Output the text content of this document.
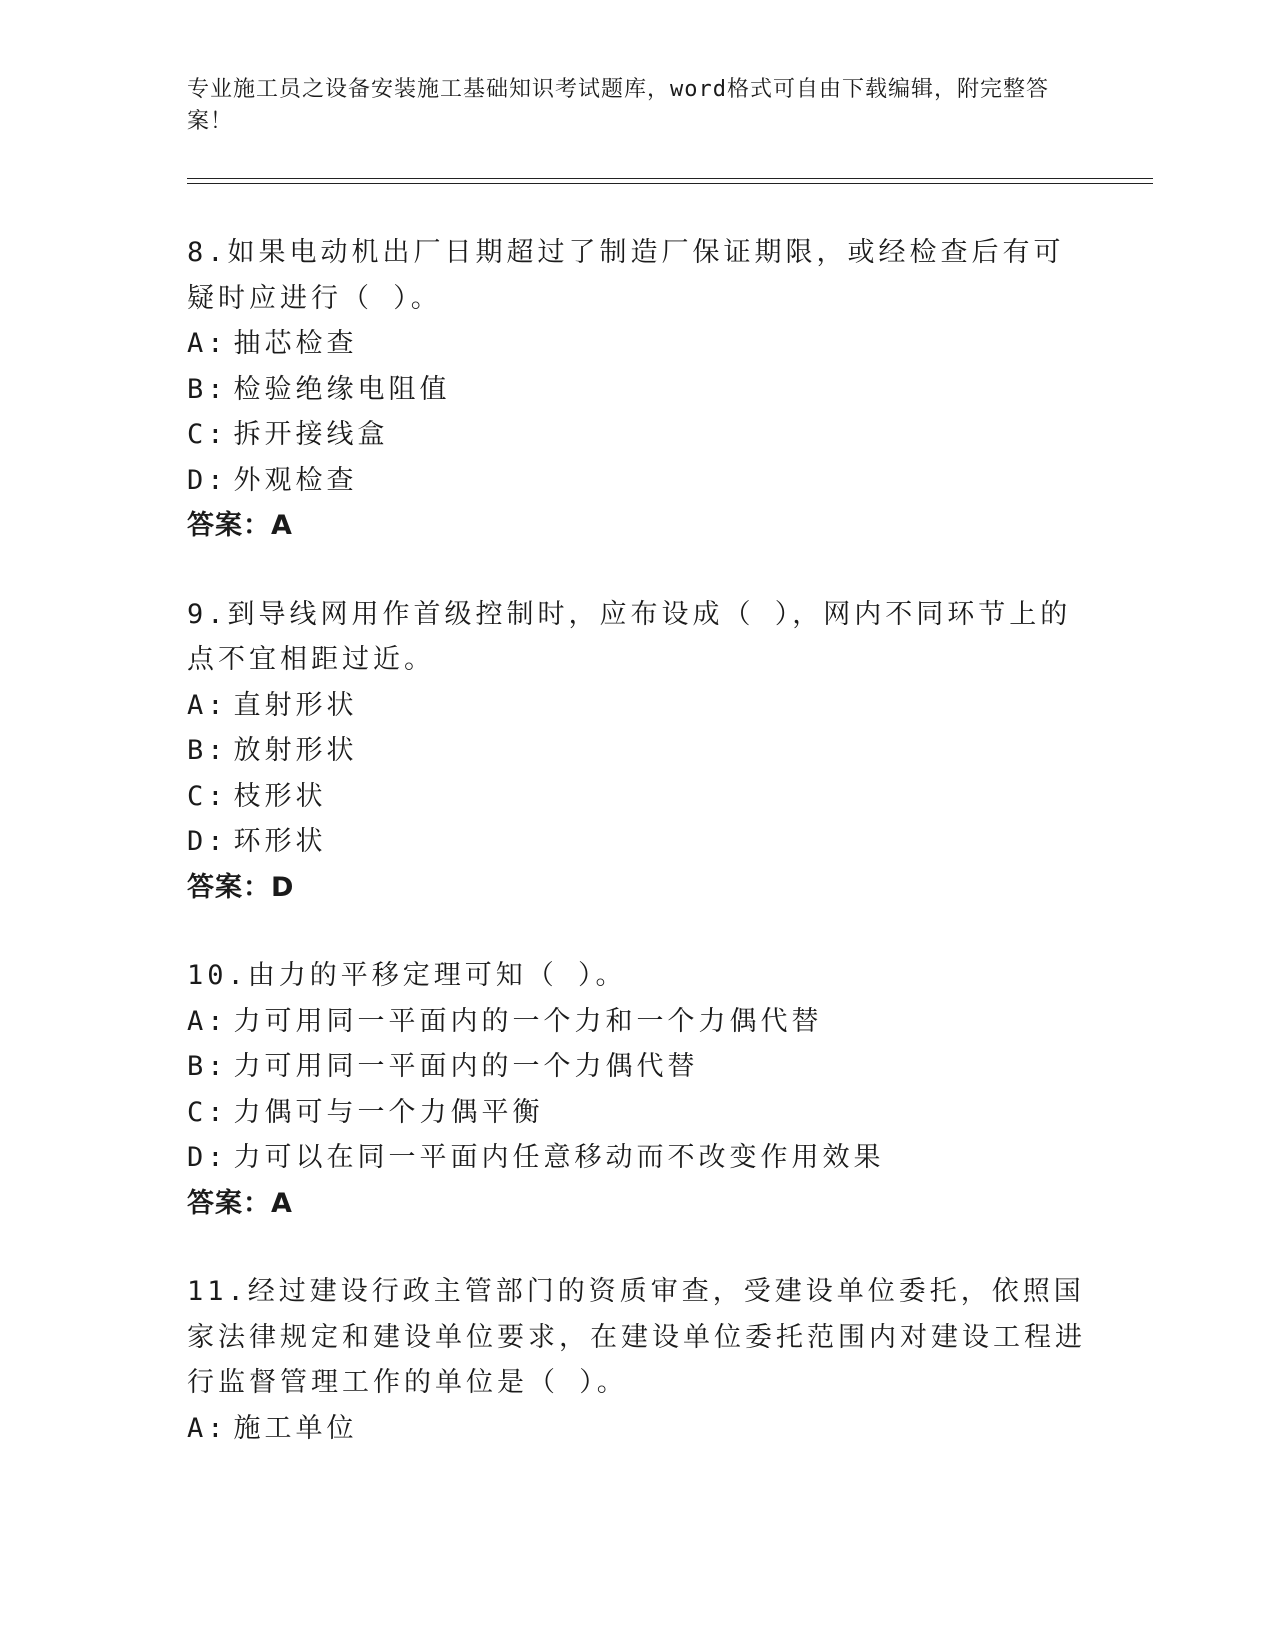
专业施工员之设备安装施工基础知识考试题库，word格式可自由下载编辑，附完整答案！

8.如果电动机出厂日期超过了制造厂保证期限，或经检查后有可疑时应进行（ ）。

A: 抽芯检查
B: 检验绝缘电阻值
C: 拆开接线盒
D: 外观检查
答案：A

9.到导线网用作首级控制时，应布设成（ ），网内不同环节上的点不宜相距过近。

A: 直射形状
B: 放射形状
C: 枝形状
D: 环形状
答案：D

10.由力的平移定理可知（ ）。

A: 力可用同一平面内的一个力和一个力偶代替
B: 力可用同一平面内的一个力偶代替
C: 力偶可与一个力偶平衡
D: 力可以在同一平面内任意移动而不改变作用效果
答案：A

11.经过建设行政主管部门的资质审查，受建设单位委托，依照国家法律规定和建设单位要求，在建设单位委托范围内对建设工程进行监督管理工作的单位是（ ）。

A: 施工单位
